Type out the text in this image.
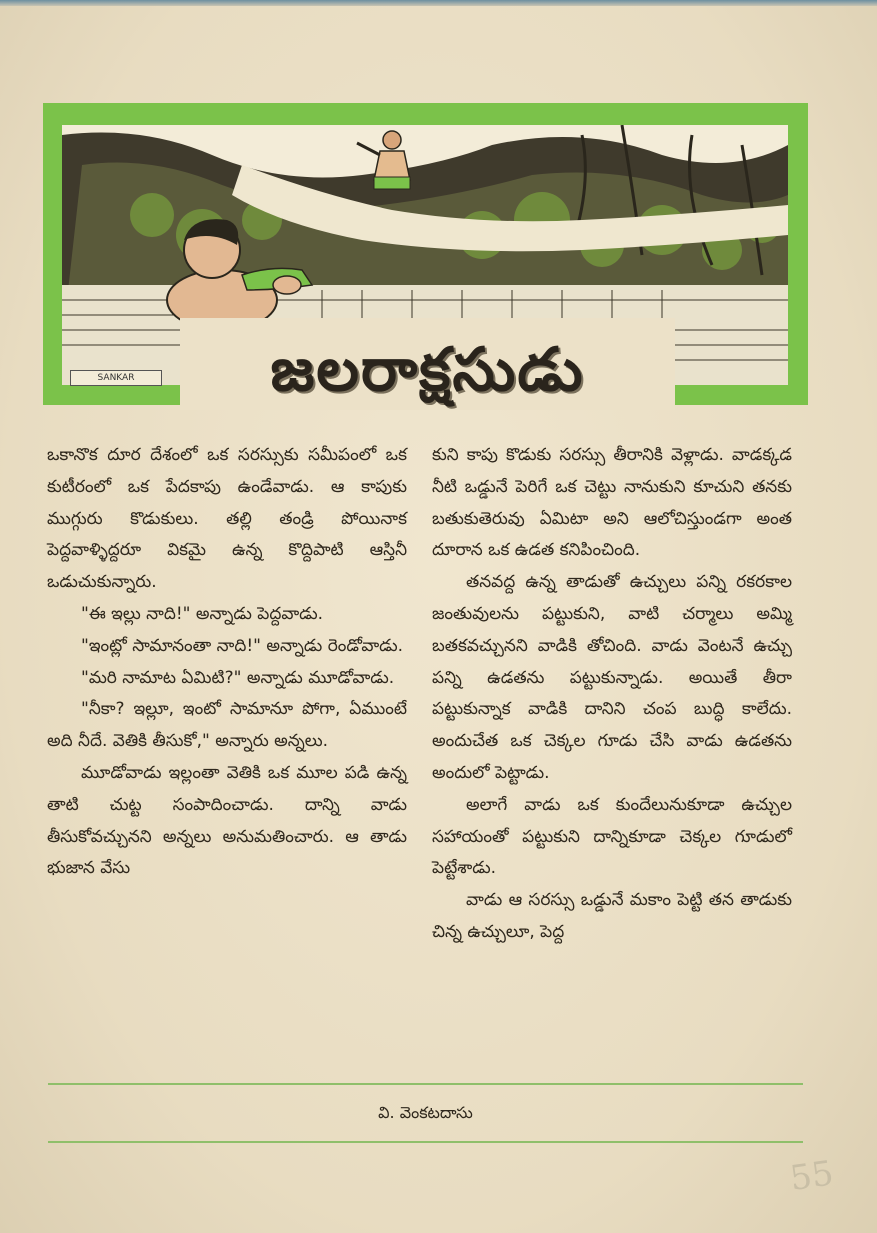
SANKAR	జలరాక్షసుడు

ఒకానొక దూర దేశంలో ఒక సరస్సుకు సమీపంలో ఒక కుటీరంలో ఒక పేదకాపు ఉండేవాడు. ఆ కాపుకు ముగ్గురు కొడుకులు. తల్లి తండ్రి పోయినాక పెద్దవాళ్ళిద్దరూ వికమై ఉన్న కొద్దిపాటి ఆస్తినీ ఒడుచుకున్నారు.

"ఈ ఇల్లు నాది!" అన్నాడు పెద్దవాడు.

"ఇంట్లో సామానంతా నాది!" అన్నాడు రెండోవాడు.

"మరి నామాట ఏమిటి?" అన్నాడు మూడోవాడు.

"నీకా? ఇల్లూ, ఇంటో సామానూ పోగా, ఏముంటే అది నీదే. వెతికి తీసుకో," అన్నారు అన్నలు.

మూడోవాడు ఇల్లంతా వెతికి ఒక మూల పడి ఉన్న తాటి చుట్ట సంపాదించాడు. దాన్ని వాడు తీసుకోవచ్చునని అన్నలు అనుమతించారు. ఆ తాడు భుజాన వేసు

కుని కాపు కొడుకు సరస్సు తీరానికి వెళ్లాడు. వాడక్కడ నీటి ఒడ్డునే పెరిగే ఒక చెట్టు నానుకుని కూచుని తనకు బతుకుతెరువు ఏమిటా అని ఆలోచిస్తుండగా అంత దూరాన ఒక ఉడత కనిపించింది.

తనవద్ద ఉన్న తాడుతో ఉచ్చులు పన్ని రకరకాల జంతువులను పట్టుకుని, వాటి చర్మాలు అమ్మి బతకవచ్చునని వాడికి తోచింది. వాడు వెంటనే ఉచ్చు పన్ని ఉడతను పట్టుకున్నాడు. అయితే తీరా పట్టుకున్నాక వాడికి దానిని చంప బుద్ధి కాలేదు. అందుచేత ఒక చెక్కల గూడు చేసి వాడు ఉడతను అందులో పెట్టాడు.

అలాగే వాడు ఒక కుందేలునుకూడా ఉచ్చుల సహాయంతో పట్టుకుని దాన్నికూడా చెక్కల గూడులో పెట్టేశాడు.

వాడు ఆ సరస్సు ఒడ్డునే మకాం పెట్టి తన తాడుకు చిన్న ఉచ్చులూ, పెద్ద

వి. వెంకటదాసు
55
